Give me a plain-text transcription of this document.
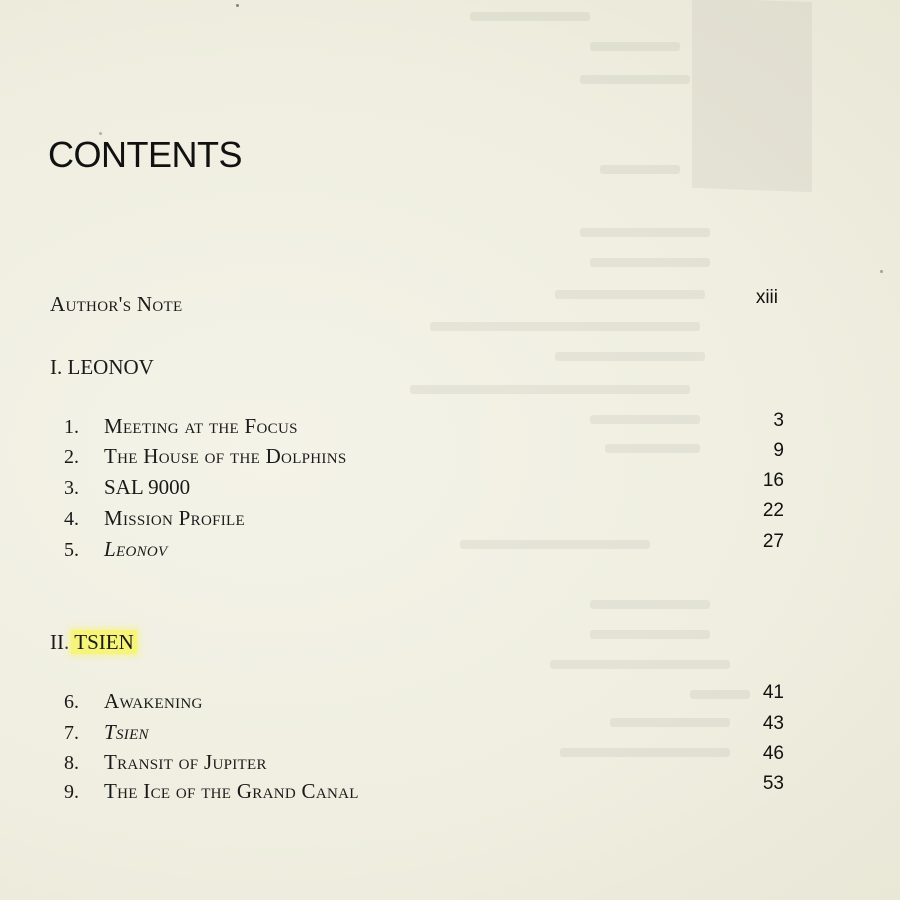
CONTENTS
Author's Note	xiii
I. LEONOV
1. Meeting at the Focus	3
2. The House of the Dolphins	9
3. SAL 9000	16
4. Mission Profile	22
5. Leonov	27
II. TSIEN
6. Awakening	41
7. Tsien	43
8. Transit of Jupiter	46
9. The Ice of the Grand Canal	53
